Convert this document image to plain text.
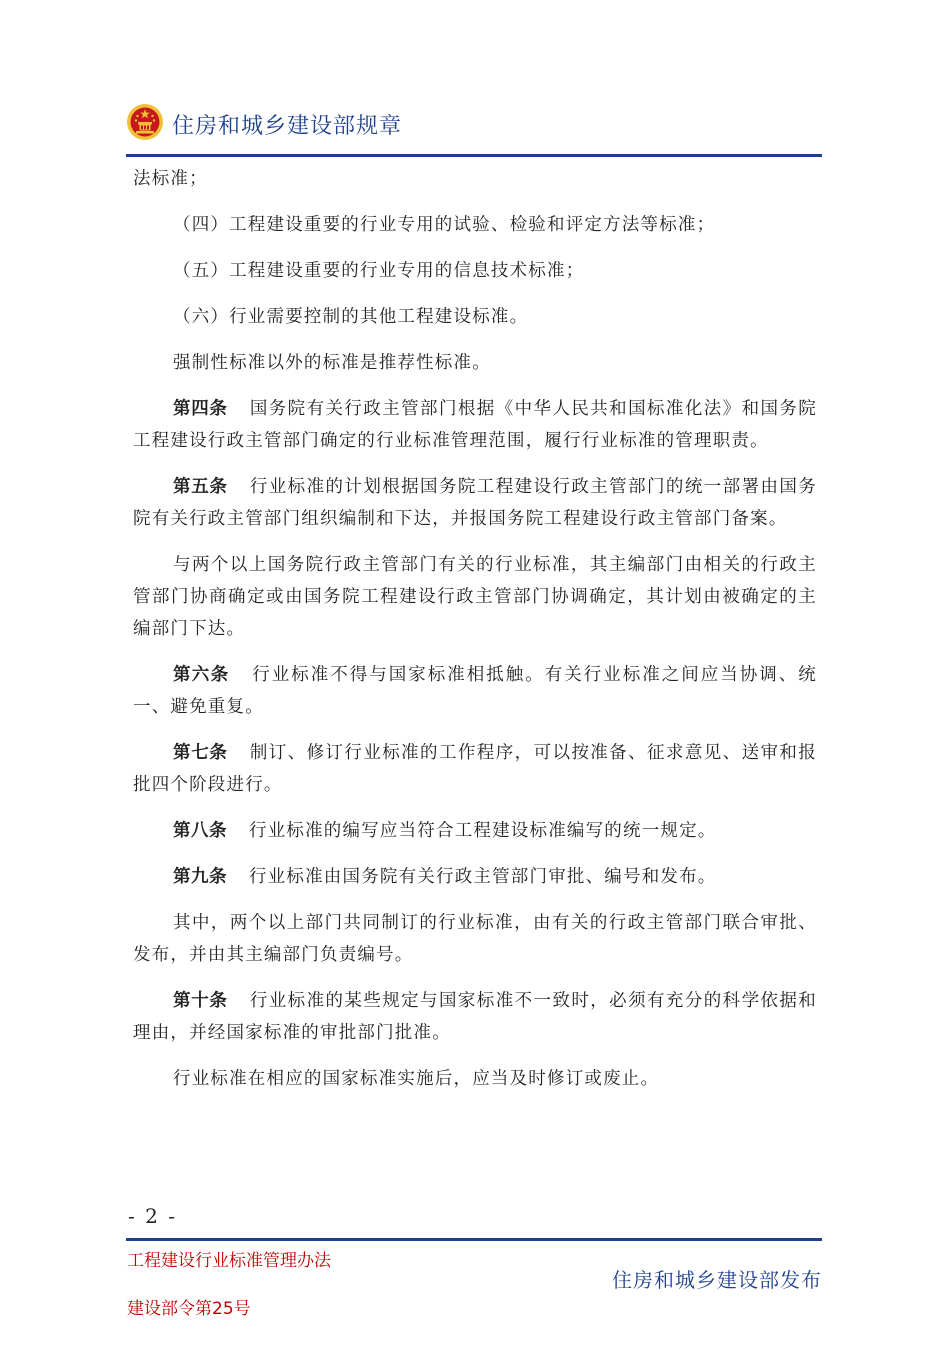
住房和城乡建设部规章

法标准；

（四）工程建设重要的行业专用的试验、检验和评定方法等标准；

（五）工程建设重要的行业专用的信息技术标准；

（六）行业需要控制的其他工程建设标准。

强制性标准以外的标准是推荐性标准。

第四条 国务院有关行政主管部门根据《中华人民共和国标准化法》和国务院工程建设行政主管部门确定的行业标准管理范围，履行行业标准的管理职责。

第五条 行业标准的计划根据国务院工程建设行政主管部门的统一部署由国务院有关行政主管部门组织编制和下达，并报国务院工程建设行政主管部门备案。

与两个以上国务院行政主管部门有关的行业标准，其主编部门由相关的行政主管部门协商确定或由国务院工程建设行政主管部门协调确定，其计划由被确定的主编部门下达。

第六条 行业标准不得与国家标准相抵触。有关行业标准之间应当协调、统一、避免重复。

第七条 制订、修订行业标准的工作程序，可以按准备、征求意见、送审和报批四个阶段进行。

第八条 行业标准的编写应当符合工程建设标准编写的统一规定。

第九条 行业标准由国务院有关行政主管部门审批、编号和发布。

其中，两个以上部门共同制订的行业标准，由有关的行政主管部门联合审批、发布，并由其主编部门负责编号。

第十条 行业标准的某些规定与国家标准不一致时，必须有充分的科学依据和理由，并经国家标准的审批部门批准。

行业标准在相应的国家标准实施后，应当及时修订或废止。

- 2 -
工程建设行业标准管理办法
建设部令第25号
住房和城乡建设部发布
